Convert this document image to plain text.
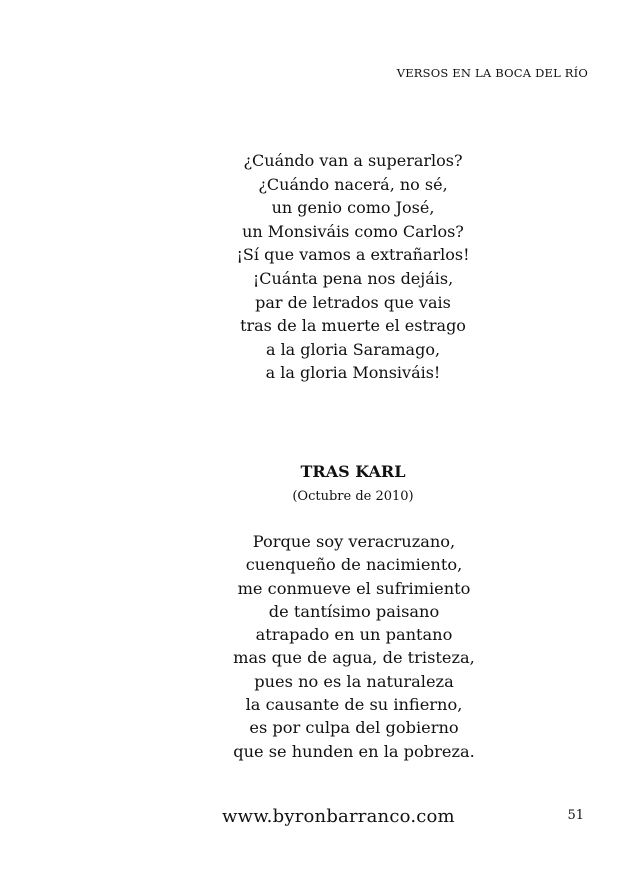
VERSOS EN LA BOCA DEL RÍO
¿Cuándo van a superarlos?
¿Cuándo nacerá, no sé,
un genio como José,
un Monsiváis como Carlos?
¡Sí que vamos a extrañarlos!
¡Cuánta pena nos dejáis,
par de letrados que vais
tras de la muerte el estrago
a la gloria Saramago,
a la gloria Monsiváis!
TRAS KARL
(Octubre de 2010)
Porque soy veracruzano,
cuenqueño de nacimiento,
me conmueve el sufrimiento
de tantísimo paisano
atrapado en un pantano
mas que de agua, de tristeza,
pues no es la naturaleza
la causante de su infierno,
es por culpa del gobierno
que se hunden en la pobreza.
www.byronbarranco.com	51
